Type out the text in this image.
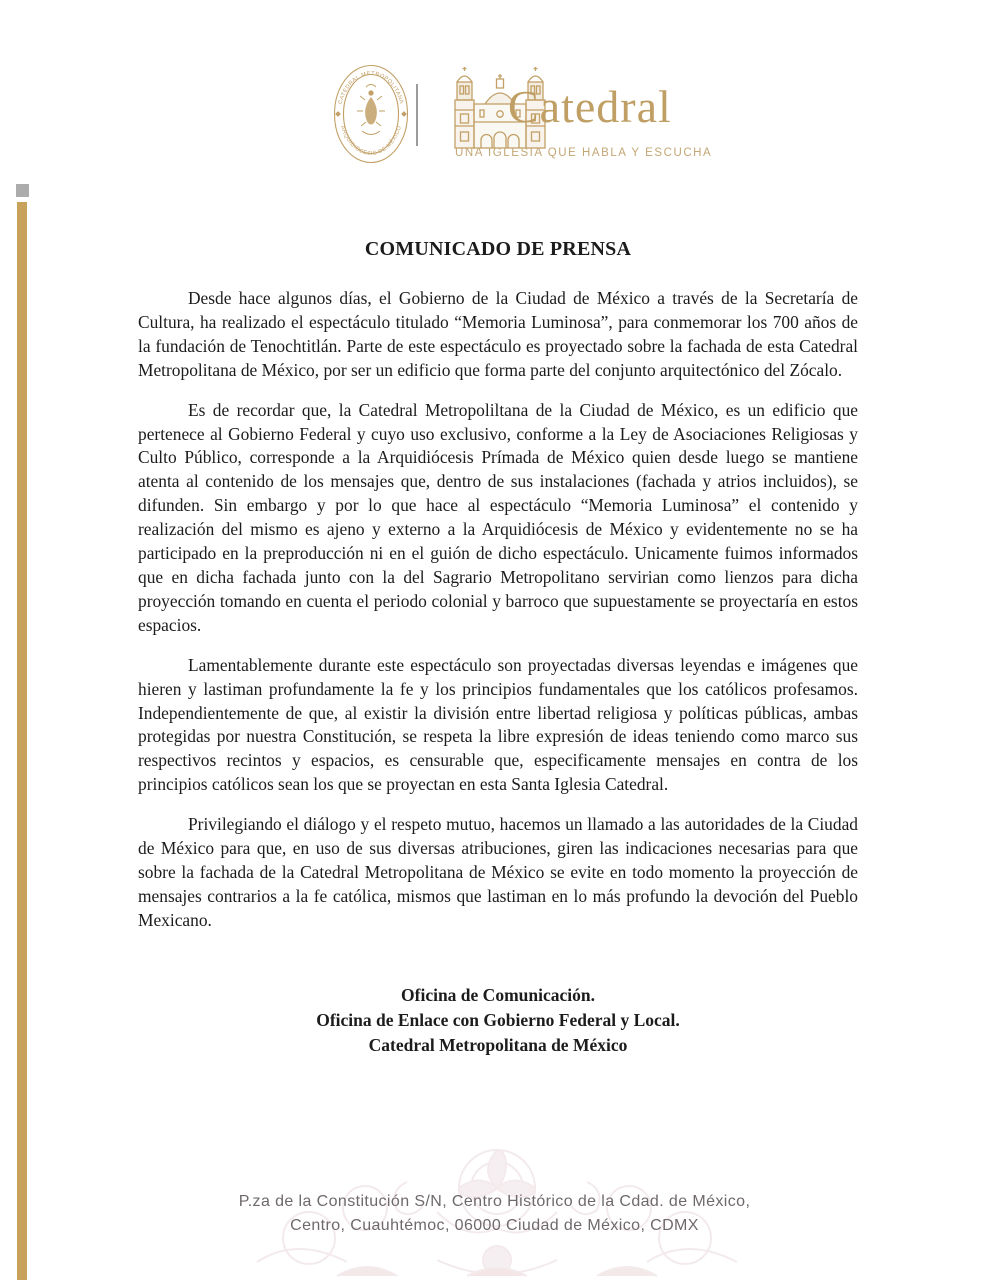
CATEDRAL METROPOLITANA
ARQUIDIÓCESIS DE MÉXICO Catedral
UNA IGLESIA QUE HABLA Y ESCUCHA
COMUNICADO DE PRENSA

Desde hace algunos días, el Gobierno de la Ciudad de México a través de la Secretaría de Cultura, ha realizado el espectáculo titulado “Memoria Luminosa”, para conmemorar los 700 años de la fundación de Tenochtitlán. Parte de este espectáculo es proyectado sobre la fachada de esta Catedral Metropolitana de México, por ser un edificio que forma parte del conjunto arquitectónico del Zócalo.

Es de recordar que, la Catedral Metropoliltana de la Ciudad de México, es un edificio que pertenece al Gobierno Federal y cuyo uso exclusivo, conforme a la Ley de Asociaciones Religiosas y Culto Público, corresponde a la Arquidiócesis Prímada de México quien desde luego se mantiene atenta al contenido de los mensajes que, dentro de sus instalaciones (fachada y atrios incluidos), se difunden. Sin embargo y por lo que hace al espectáculo “Memoria Luminosa” el contenido y realización del mismo es ajeno y externo a la Arquidiócesis de México y evidentemente no se ha participado en la preproducción ni en el guión de dicho espectáculo. Unicamente fuimos informados que en dicha fachada junto con la del Sagrario Metropolitano servirian como lienzos para dicha proyección tomando en cuenta el periodo colonial y barroco que supuestamente se proyectaría en estos espacios.

Lamentablemente durante este espectáculo son proyectadas diversas leyendas e imágenes que hieren y lastiman profundamente la fe y los principios fundamentales que los católicos profesamos. Independientemente de que, al existir la división entre libertad religiosa y políticas públicas, ambas protegidas por nuestra Constitución, se respeta la libre expresión de ideas teniendo como marco sus respectivos recintos y espacios, es censurable que, especificamente mensajes en contra de los principios católicos sean los que se proyectan en esta Santa Iglesia Catedral.

Privilegiando el diálogo y el respeto mutuo, hacemos un llamado a las autoridades de la Ciudad de México para que, en uso de sus diversas atribuciones, giren las indicaciones necesarias para que sobre la fachada de la Catedral Metropolitana de México se evite en todo momento la proyección de mensajes contrarios a la fe católica, mismos que lastiman en lo más profundo la devoción del Pueblo Mexicano.

Oficina de Comunicación.
Oficina de Enlace con Gobierno Federal y Local.
Catedral Metropolitana de México
P.za de la Constitución S/N, Centro Histórico de la Cdad. de México,
Centro, Cuauhtémoc, 06000 Ciudad de México, CDMX
